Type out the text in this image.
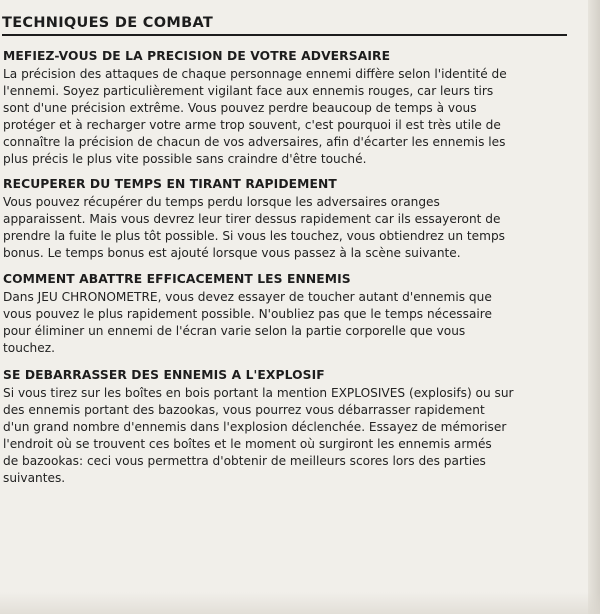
TECHNIQUES DE COMBAT
MEFIEZ-VOUS DE LA PRECISION DE VOTRE ADVERSAIRE
La précision des attaques de chaque personnage ennemi diffère selon l'identité de
l'ennemi. Soyez particulièrement vigilant face aux ennemis rouges, car leurs tirs
sont d'une précision extrême. Vous pouvez perdre beaucoup de temps à vous
protéger et à recharger votre arme trop souvent, c'est pourquoi il est très utile de
connaître la précision de chacun de vos adversaires, afin d'écarter les ennemis les
plus précis le plus vite possible sans craindre d'être touché.
RECUPERER DU TEMPS EN TIRANT RAPIDEMENT
Vous pouvez récupérer du temps perdu lorsque les adversaires oranges
apparaissent. Mais vous devrez leur tirer dessus rapidement car ils essayeront de
prendre la fuite le plus tôt possible. Si vous les touchez, vous obtiendrez un temps
bonus. Le temps bonus est ajouté lorsque vous passez à la scène suivante.
COMMENT ABATTRE EFFICACEMENT LES ENNEMIS
Dans JEU CHRONOMETRE, vous devez essayer de toucher autant d'ennemis que
vous pouvez le plus rapidement possible. N'oubliez pas que le temps nécessaire
pour éliminer un ennemi de l'écran varie selon la partie corporelle que vous
touchez.
SE DEBARRASSER DES ENNEMIS A L'EXPLOSIF
Si vous tirez sur les boîtes en bois portant la mention EXPLOSIVES (explosifs) ou sur
des ennemis portant des bazookas, vous pourrez vous débarrasser rapidement
d'un grand nombre d'ennemis dans l'explosion déclenchée. Essayez de mémoriser
l'endroit où se trouvent ces boîtes et le moment où surgiront les ennemis armés
de bazookas: ceci vous permettra d'obtenir de meilleurs scores lors des parties
suivantes.
